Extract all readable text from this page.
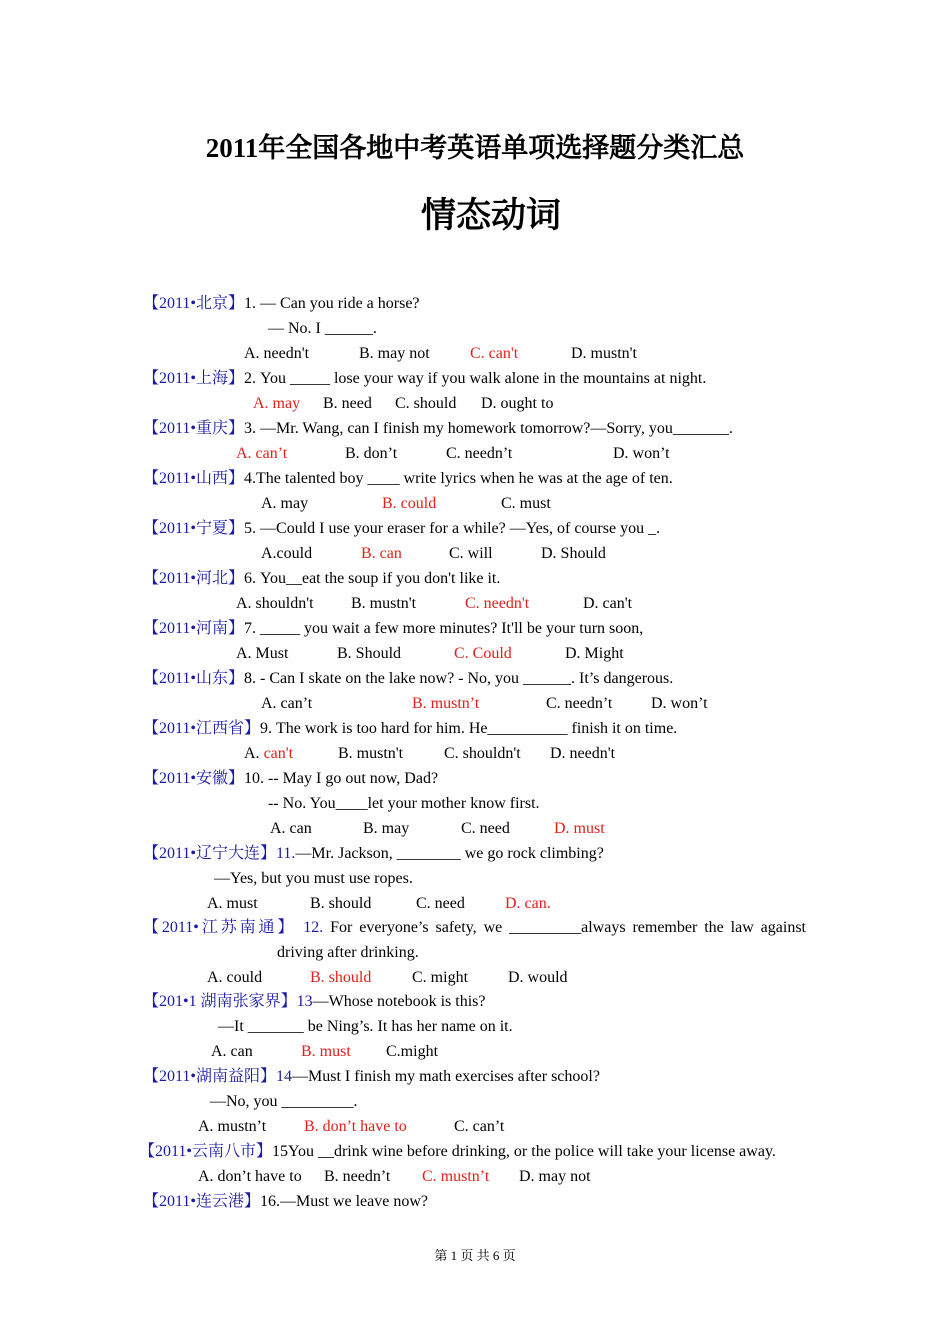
2011年全国各地中考英语单项选择题分类汇总
情态动词
【2011•北京】1. — Can you ride a horse?
— No. I ______.
A. needn't	B. may not	C. can't	D. mustn't
【2011•上海】2. You _____ lose your way if you walk alone in the mountains at night.
A. may B. need C. should D. ought to
【2011•重庆】3. —Mr. Wang, can I finish my homework tomorrow?—Sorry, you_______.
A. can’t	B. don’t	C. needn’t	D. won’t
【2011•山西】4.The talented boy ____ write lyrics when he was at the age of ten.
A. may	B. could	C. must
【2011•宁夏】5. —Could I use your eraser for a while? —Yes, of course you _.
A.could	B. can	C. will	D. Should
【2011•河北】6. You__eat the soup if you don't like it.
A. shouldn't B. mustn't	C. needn't	D. can't
【2011•河南】7. _____ you wait a few more minutes? It'll be your turn soon,
A. Must	B. Should	C. Could	D. Might
【2011•山东】8. - Can I skate on the lake now? - No, you ______. It’s dangerous.
A. can’t	B. mustn’t	C. needn’t D. won’t
【2011•江西省】9. The work is too hard for him. He__________ finish it on time.
A. can't	B. mustn't	C. shouldn't D. needn't
【2011•安徽】10. -- May I go out now, Dad?
-- No. You____let your mother know first.
A. can	B. may	C. need	D. must
【2011•辽宁大连】11.—Mr. Jackson, ________ we go rock climbing?
—Yes, but you must use ropes.
A. must	B. should	C. need	D. can.
【2011•江苏南通】 12. For everyone’s safety, we _________always remember the law against
driving after drinking.
A. could	B. should	C. might D. would
【201•1 湖南张家界】13—Whose notebook is this?
—It _______ be Ning’s. It has her name on it.
A. can	B. must C.might
【2011•湖南益阳】14—Must I finish my math exercises after school?
—No, you _________.
A. mustn’t B. don’t have to	C. can’t
【2011•云南八市】15You __drink wine before drinking, or the police will take your license away.
A. don’t have to B. needn’t C. mustn’t D. may not
【2011•连云港】16.—Must we leave now?
第 1 页 共 6 页
